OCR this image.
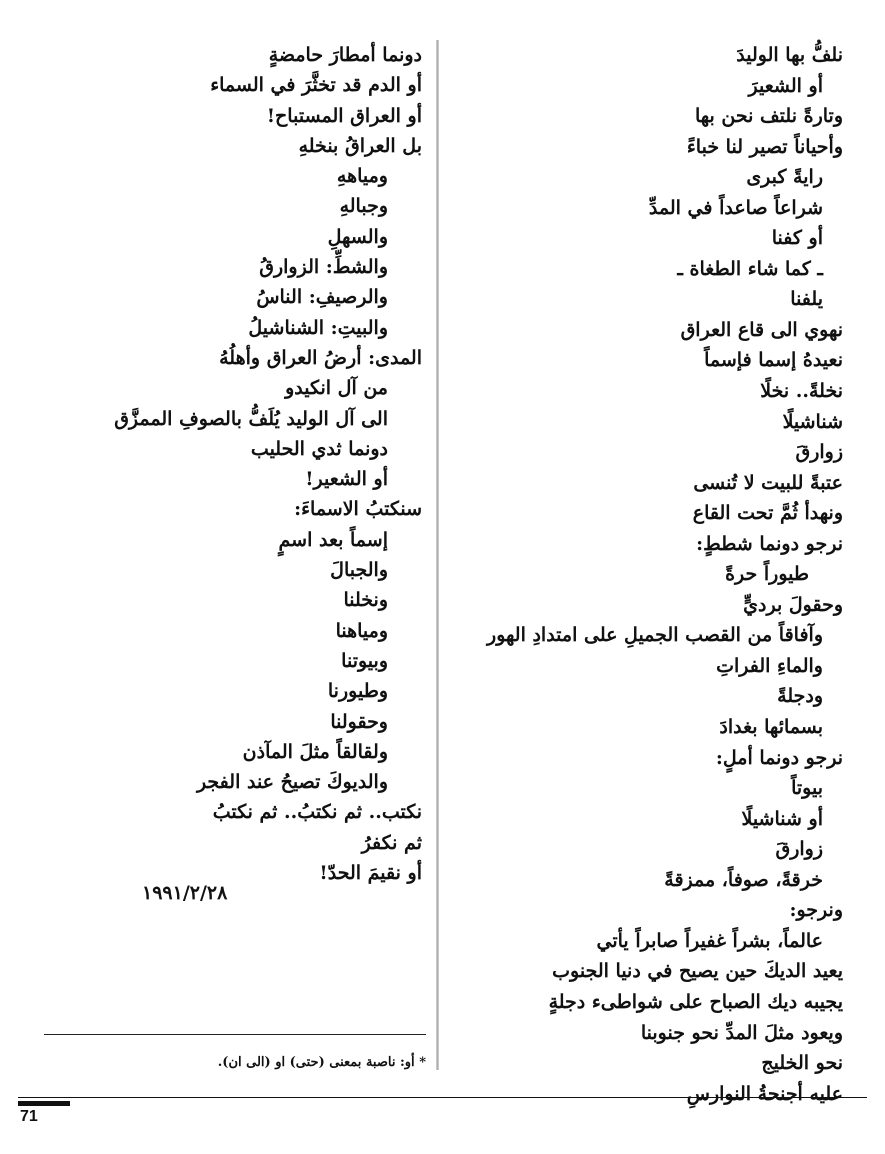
نلفُّ بها الوليدَ
أو الشعيرَ
وتارةً نلتف نحن بها
وأحياناً تصير لنا خباءً
رايةً كبرى
شراعاً صاعداً في المدِّ
أو كفنا
ـ كما شاء الطغاة ـ
يلفنا
نهوي الى قاع العراق
نعيدهُ إسما فإسماً
نخلةً.. نخلًا
شناشيلًا
زوارقَ
عتبةً للبيت لا تُنسى
ونهدأ ثُمَّ تحت القاع
نرجو دونما شططٍ:
طيوراً حرةً
وحقولَ برديٍّ
وآفاقاً من القصب الجميلِ على امتدادِ الهور
والماءِ الفراتِ
ودجلةً
بسمائها بغدادَ
نرجو دونما أملٍ:
بيوتاً
أو شناشيلًا
زوارقَ
خرقةً، صوفاً، ممزقةً
ونرجو:
عالماً، بشراً غفيراً صابراً يأتي
يعيد الديكَ حين يصيح في دنيا الجنوب
يجيبه ديك الصباح على شواطىء دجلةٍ
ويعود مثلَ المدِّ نحو جنوبنا
نحو الخليج
عليه أجنحةُ النوارسِ
دونما أمطارَ حامضةٍ
أو الدم قد تخثَّرَ في السماء
أو العراق المستباح!
بل العراقُ بنخلهِ
ومياههِ
وجبالهِ
والسهلِ
والشطِّ: الزوارقُ
والرصيفِ: الناسُ
والبيتِ: الشناشيلُ
المدى: أرضُ العراق وأهلُهُ
من آل انكيدو
الى آل الوليد يُلَفُّ بالصوفِ الممزَّق
دونما ثدي الحليب
أو الشعير!
سنكتبُ الاسماءَ:
إسماً بعد اسمٍ
والجبالَ
ونخلنا
ومياهنا
وبيوتنا
وطيورنا
وحقولنا
ولقالقاً مثلَ المآذن
والديوكَ تصيحُ عند الفجر
نكتب.. ثم نكتبُ.. ثم نكتبُ
ثم نكفرُ
أو نقيمَ الحدّ!
١٩٩١/٢/٢٨
* أو: ناصبة بمعنى (حتى) او (الى ان).
71
